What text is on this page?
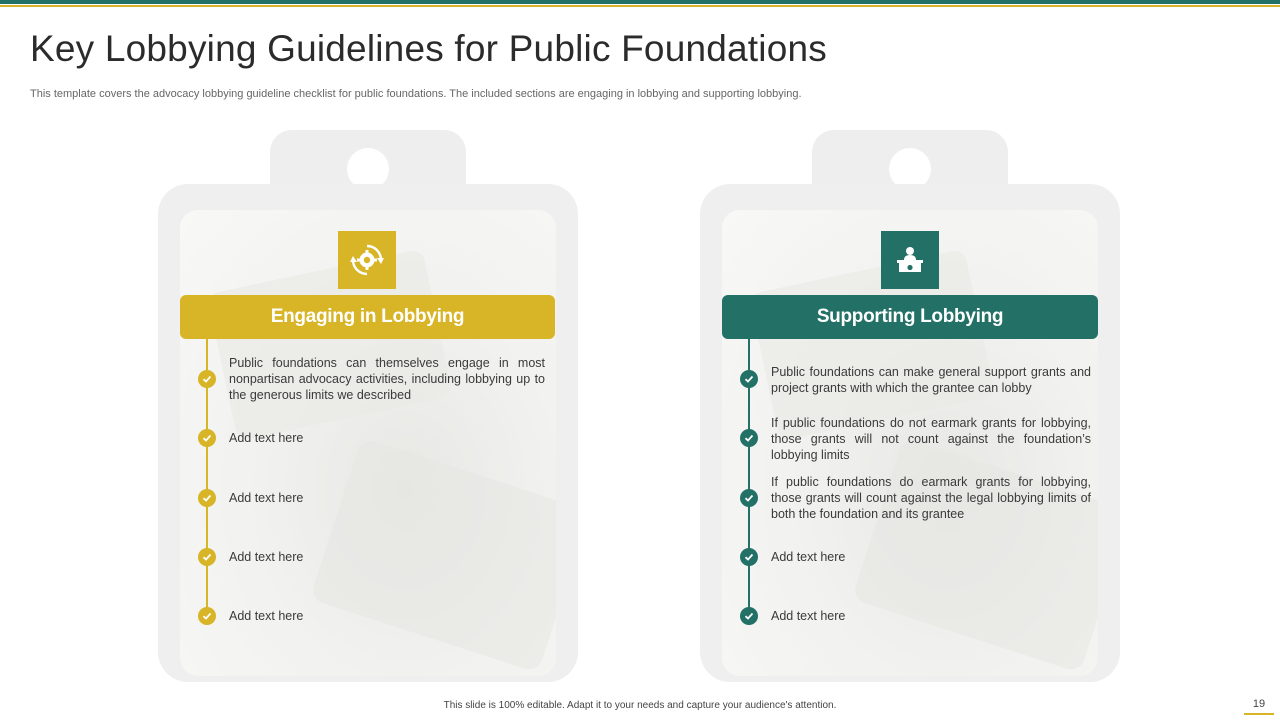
Key Lobbying Guidelines for Public Foundations

This template covers the advocacy lobbying guideline checklist for public foundations. The included sections are engaging in lobbying and supporting lobbying.

Engaging in Lobbying
Public foundations can themselves engage in most nonpartisan advocacy activities, including lobbying up to the generous limits we described
Add text here
Add text here
Add text here
Add text here
Supporting Lobbying
Public foundations can make general support grants and project grants with which the grantee can lobby
If public foundations do not earmark grants for lobbying, those grants will not count against the foundation’s lobbying limits
If public foundations do earmark grants for lobbying, those grants will count against the legal lobbying limits of both the foundation and its grantee
Add text here
Add text here
This slide is 100% editable. Adapt it to your needs and capture your audience's attention.	19
